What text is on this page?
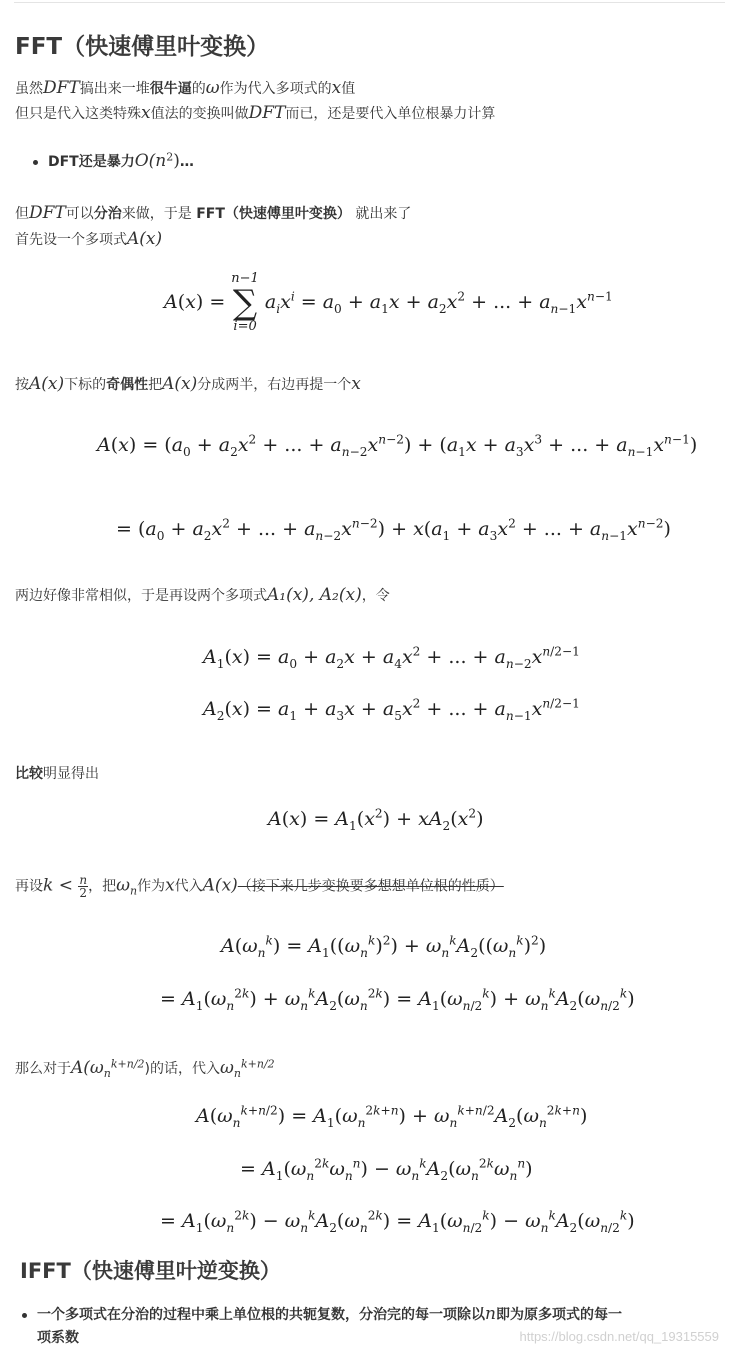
FFT（快速傅里叶变换）
虽然DFT搞出来一堆很牛逼的ω作为代入多项式的x值
但只是代入这类特殊x值法的变换叫做DFT而已，还是要代入单位根暴力计算
DFT还是暴力$O(n^2)\dots$
但DFT可以分治来做，于是 FFT（快速傅里叶变换） 就出来了
首先设一个多项式A(x)
A(x) =
n−1
∑
i=0
$a_ix^i = a_0 + a_1x + a_2x^2$ + ... + $a_{n-1}x^{n-1}$
按A(x)下标的奇偶性把A(x)分成两半，右边再提一个x
$A(x) = (a_0 + a_2x^2$ + ... + $a_{n-2}x^{n-2}) + (a_1x + a_3x^3$ + ... + $a_{n-1}x^{n-1}$)
= ($a_0 + a_2x^2$ + ... + $a_{n-2}x^{n-2}) + x(a_1 + a_3x^2$ + ... + $a_{n-1}x^{n-2}$)
两边好像非常相似，于是再设两个多项式A₁(x), A₂(x)，令
$A_1(x) = a_0 + a_2x + a_4x^2$ + ... + $a_{n-2}x^{n/2-1}$
$A_2(x) = a_1 + a_3x + a_5x^2$ + ... + $a_{n-1}x^{n/2-1}$
比较明显得出
$A(x) = A_1(x^2) + xA_2(x^2)$
再设$k < \frac{n}{2}$ ，把$\omega_n$作为x代入A(x)（接下来几步变换要多想想单位根的性质）
$A(\omega_n^k) = A_1((\omega_n^k)^2) + \omega_n^kA_2((\omega_n^k)^2)$
= $A_1(\omega_n^{2k}) + \omega_n^kA_2(\omega_n^{2k}) = A_1(\omega_{n/2}^k) + \omega_n^kA_2(\omega_{n/2}^k)$
那么对于$A(\omega_n^{k+n/2})$的话，代入$\omega_n^{k+n/2}$
$A(\omega_n^{k+n/2}) = A_1(\omega_n^{2k+n}) + \omega_n^{k+n/2}A_2(\omega_n^{2k+n})$
= $A_1(\omega_n^{2k}\omega_n^n) - \omega_n^kA_2(\omega_n^{2k}\omega_n^n)$
= $A_1(\omega_n^{2k}) - \omega_n^kA_2(\omega_n^{2k}) = A_1(\omega_{n/2}^k) - \omega_n^kA_2(\omega_{n/2}^k)$
IFFT（快速傅里叶逆变换）
一个多项式在分治的过程中乘上单位根的共轭复数，分治完的每一项除以n即为原多项式的每一
项系数	https://blog.csdn.net/qq_19315559
